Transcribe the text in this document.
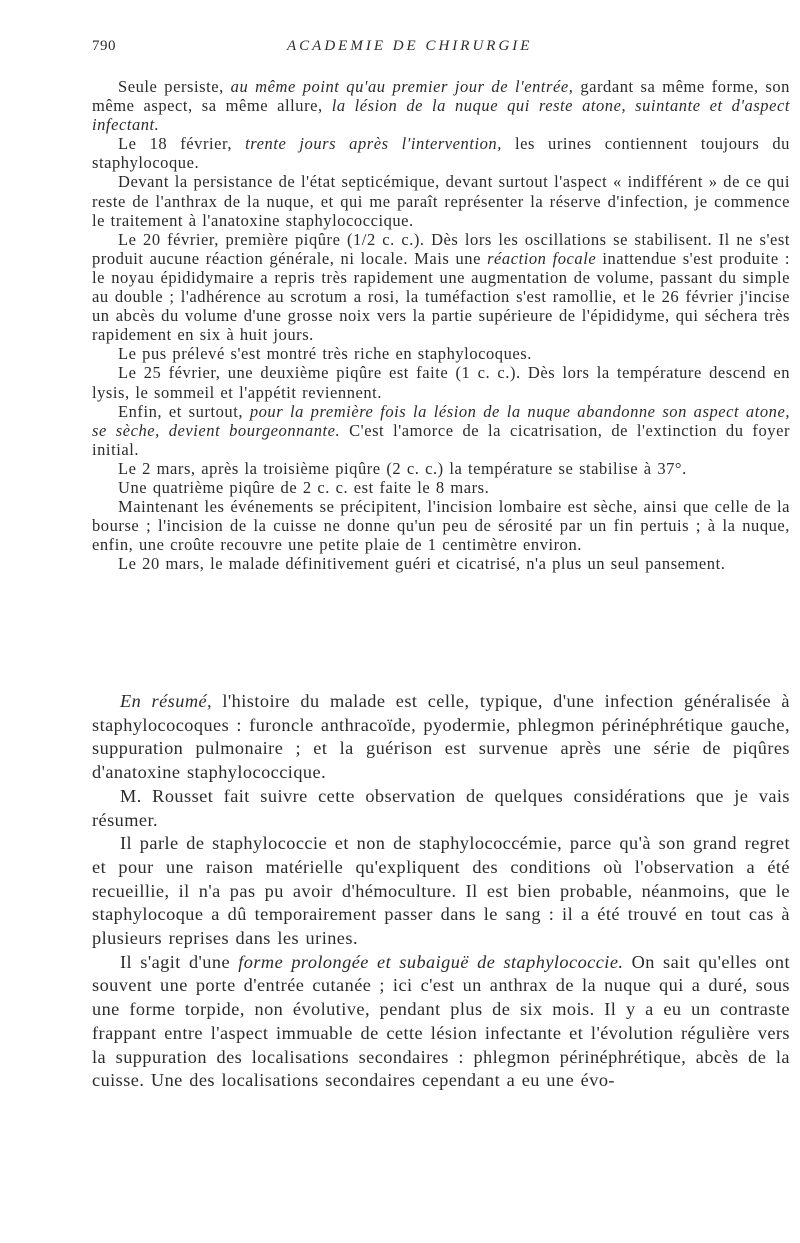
790	ACADEMIE DE CHIRURGIE

Seule persiste, au même point qu'au premier jour de l'entrée, gardant sa même forme, son même aspect, sa même allure, la lésion de la nuque qui reste atone, suintante et d'aspect infectant.

Le 18 février, trente jours après l'intervention, les urines contiennent toujours du staphylocoque.

Devant la persistance de l'état septicémique, devant surtout l'aspect « indifférent » de ce qui reste de l'anthrax de la nuque, et qui me paraît représenter la réserve d'infection, je commence le traitement à l'anatoxine staphylococcique.

Le 20 février, première piqûre (1/2 c. c.). Dès lors les oscillations se stabilisent. Il ne s'est produit aucune réaction générale, ni locale. Mais une réaction focale inattendue s'est produite : le noyau épididymaire a repris très rapidement une augmentation de volume, passant du simple au double ; l'adhérence au scrotum a rosi, la tuméfaction s'est ramollie, et le 26 février j'incise un abcès du volume d'une grosse noix vers la partie supérieure de l'épididyme, qui séchera très rapidement en six à huit jours.

Le pus prélevé s'est montré très riche en staphylocoques.

Le 25 février, une deuxième piqûre est faite (1 c. c.). Dès lors la température descend en lysis, le sommeil et l'appétit reviennent.

Enfin, et surtout, pour la première fois la lésion de la nuque abandonne son aspect atone, se sèche, devient bourgeonnante. C'est l'amorce de la cicatrisation, de l'extinction du foyer initial.

Le 2 mars, après la troisième piqûre (2 c. c.) la température se stabilise à 37°.

Une quatrième piqûre de 2 c. c. est faite le 8 mars.

Maintenant les événements se précipitent, l'incision lombaire est sèche, ainsi que celle de la bourse ; l'incision de la cuisse ne donne qu'un peu de sérosité par un fin pertuis ; à la nuque, enfin, une croûte recouvre une petite plaie de 1 centimètre environ.

Le 20 mars, le malade définitivement guéri et cicatrisé, n'a plus un seul pansement.

En résumé, l'histoire du malade est celle, typique, d'une infection généralisée à staphylococoques : furoncle anthracoïde, pyodermie, phlegmon périnéphrétique gauche, suppuration pulmonaire ; et la guérison est survenue après une série de piqûres d'anatoxine staphylococcique.

M. Rousset fait suivre cette observation de quelques considérations que je vais résumer.

Il parle de staphylococcie et non de staphylococcémie, parce qu'à son grand regret et pour une raison matérielle qu'expliquent des conditions où l'observation a été recueillie, il n'a pas pu avoir d'hémoculture. Il est bien probable, néanmoins, que le staphylocoque a dû temporairement passer dans le sang : il a été trouvé en tout cas à plusieurs reprises dans les urines.

Il s'agit d'une forme prolongée et subaiguë de staphylococcie. On sait qu'elles ont souvent une porte d'entrée cutanée ; ici c'est un anthrax de la nuque qui a duré, sous une forme torpide, non évolutive, pendant plus de six mois. Il y a eu un contraste frappant entre l'aspect immuable de cette lésion infectante et l'évolution régulière vers la suppuration des localisations secondaires : phlegmon périnéphrétique, abcès de la cuisse. Une des localisations secondaires cependant a eu une évo-
